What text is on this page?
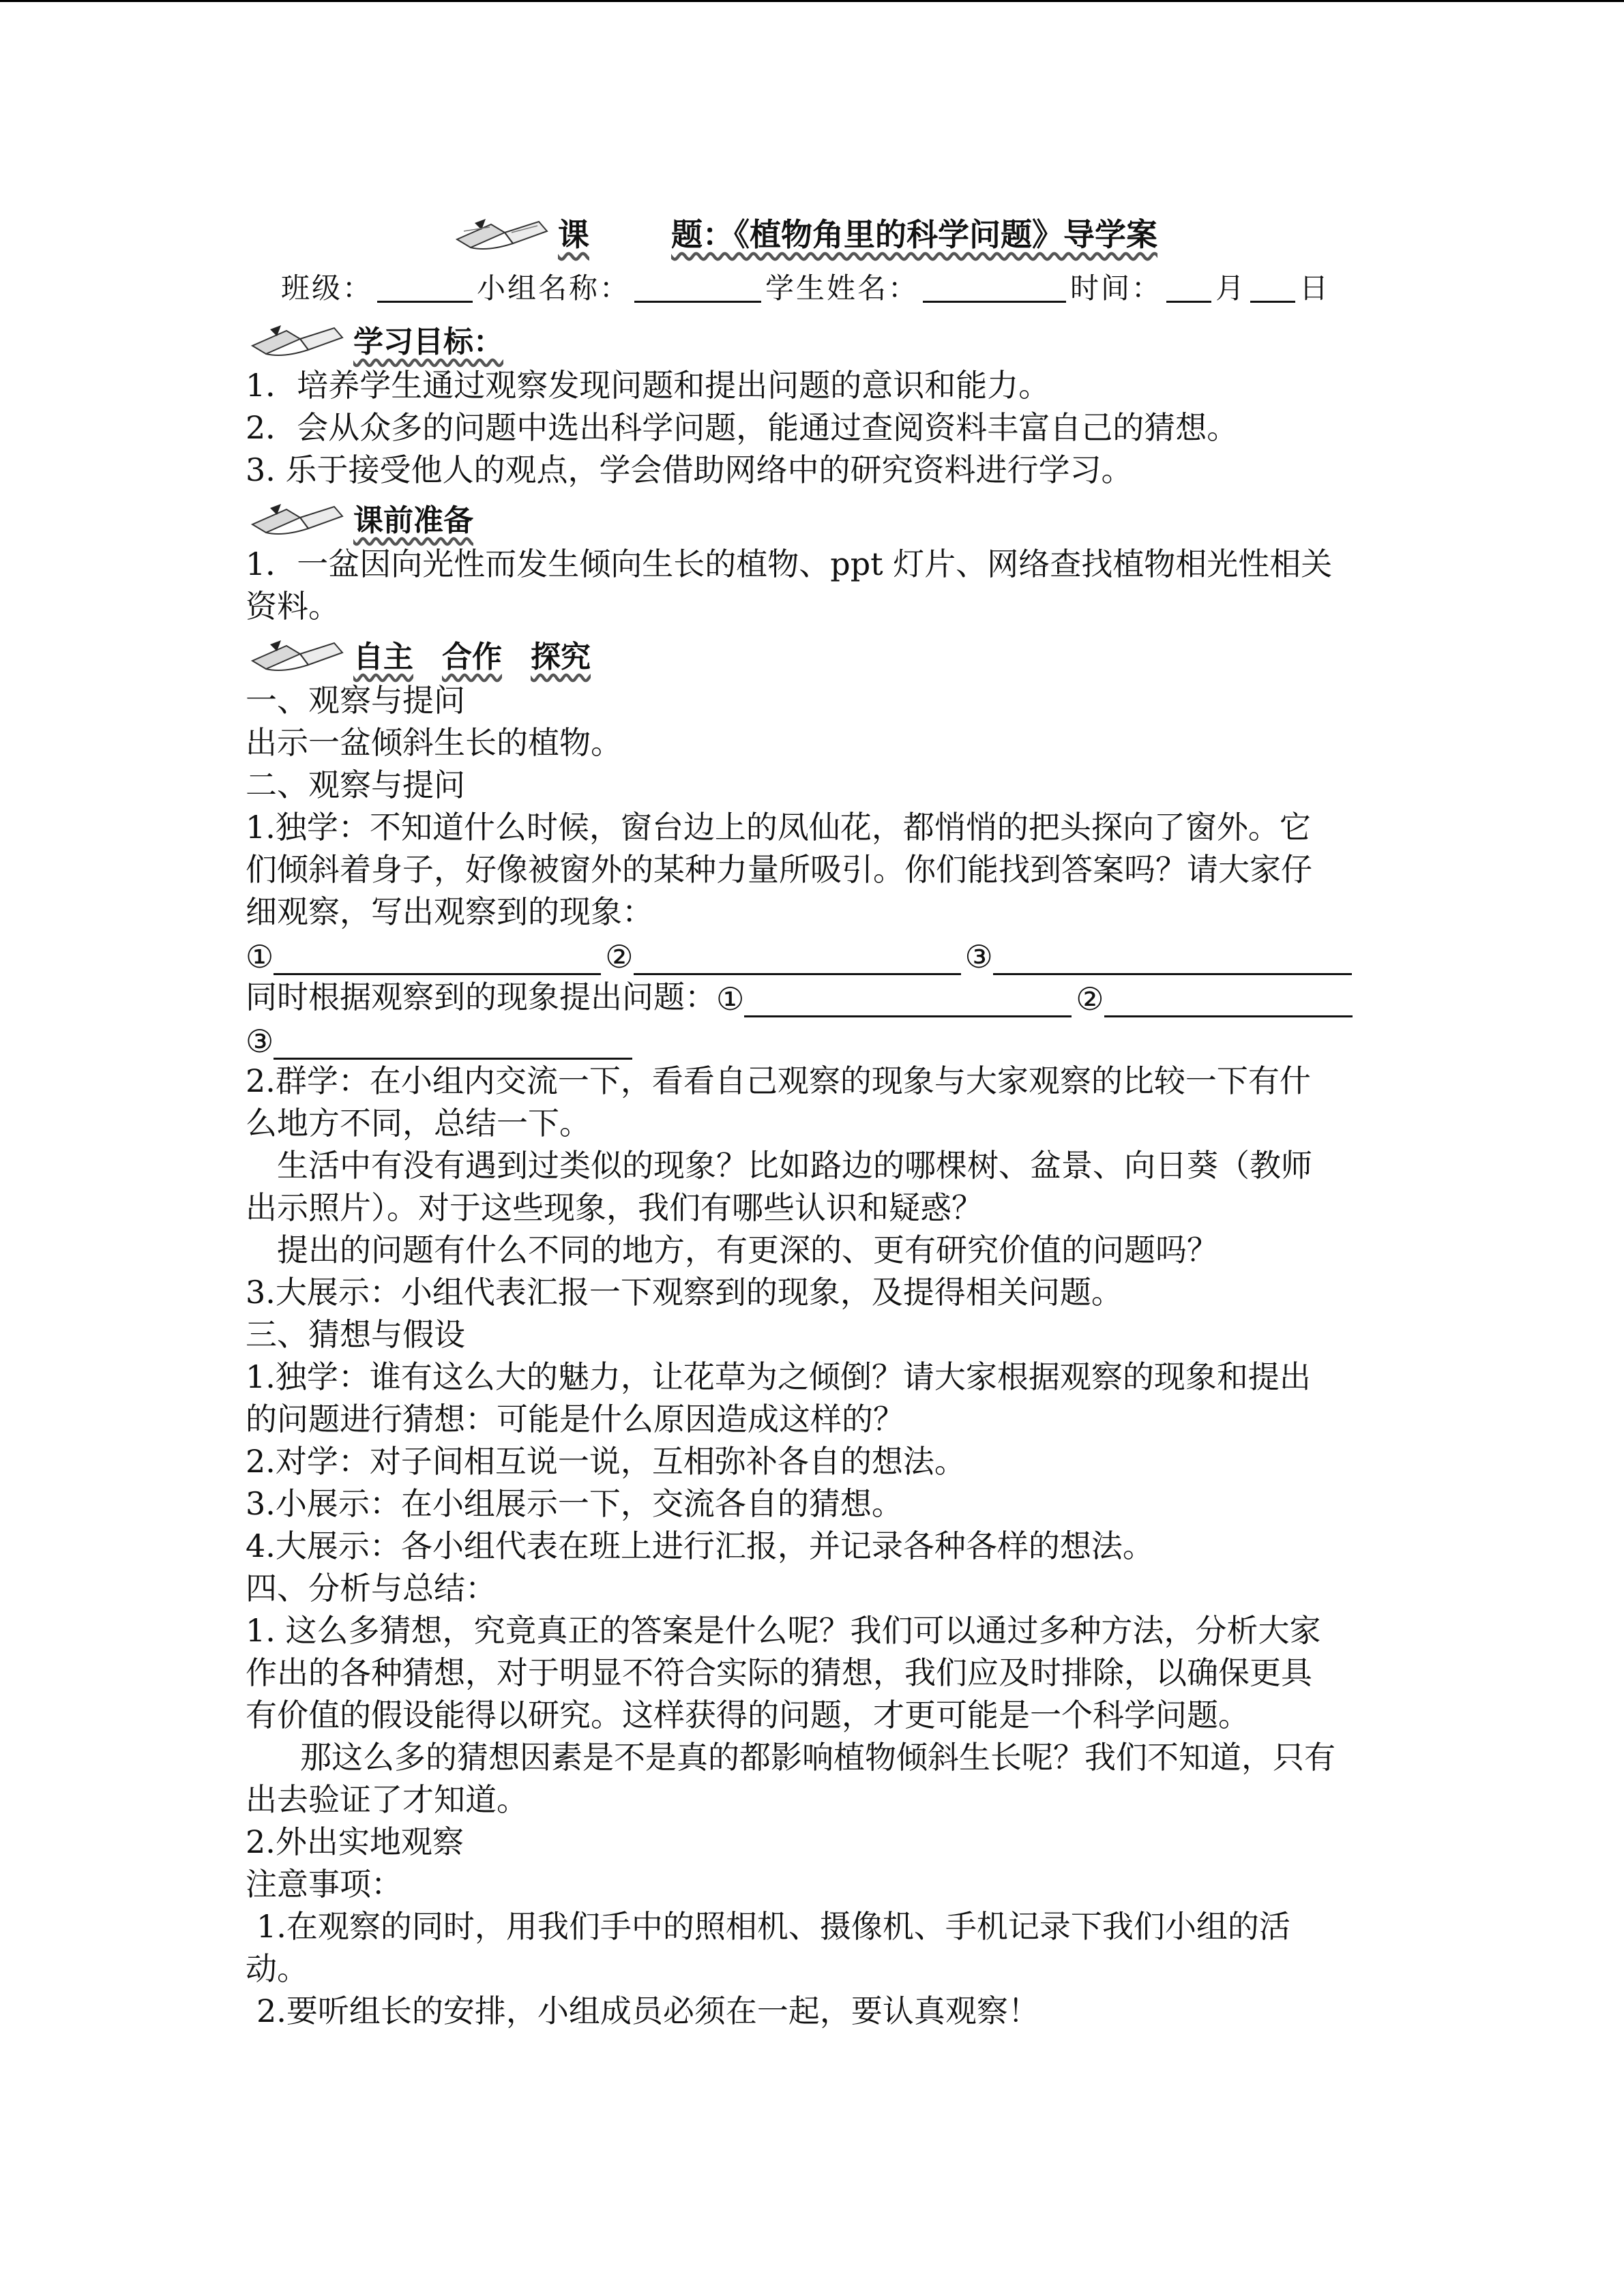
课	题：《植物角里的科学问题》导学案
班级：	小组名称：	学生姓名：	时间： 月 日
学习目标：
1．培养学生通过观察发现问题和提出问题的意识和能力。
2．会从众多的问题中选出科学问题，能通过查阅资料丰富自己的猜想。
3. 乐于接受他人的观点，学会借助网络中的研究资料进行学习。
课前准备
1．一盆因向光性而发生倾向生长的植物、ppt 灯片、网络查找植物相光性相关
资料。
自主 合作 探究
一、观察与提问
出示一盆倾斜生长的植物。
二、观察与提问
1.独学：不知道什么时候，窗台边上的凤仙花，都悄悄的把头探向了窗外。它
们倾斜着身子，好像被窗外的某种力量所吸引。你们能找到答案吗？请大家仔
细观察，写出观察到的现象：
①	②	③
同时根据观察到的现象提出问题： ①	②
③
2.群学：在小组内交流一下，看看自己观察的现象与大家观察的比较一下有什
么地方不同，总结一下。
生活中有没有遇到过类似的现象？比如路边的哪棵树、盆景、向日葵（教师
出示照片）。对于这些现象，我们有哪些认识和疑惑？
提出的问题有什么不同的地方，有更深的、更有研究价值的问题吗？
3.大展示：小组代表汇报一下观察到的现象，及提得相关问题。
三、猜想与假设
1.独学：谁有这么大的魅力，让花草为之倾倒？请大家根据观察的现象和提出
的问题进行猜想：可能是什么原因造成这样的？
2.对学：对子间相互说一说，互相弥补各自的想法。
3.小展示：在小组展示一下，交流各自的猜想。
4.大展示：各小组代表在班上进行汇报，并记录各种各样的想法。
四、分析与总结：
1. 这么多猜想，究竟真正的答案是什么呢？我们可以通过多种方法，分析大家
作出的各种猜想，对于明显不符合实际的猜想，我们应及时排除，以确保更具
有价值的假设能得以研究。这样获得的问题，才更可能是一个科学问题。
那这么多的猜想因素是不是真的都影响植物倾斜生长呢？我们不知道，只有
出去验证了才知道。
2.外出实地观察
注意事项：
1.在观察的同时，用我们手中的照相机、摄像机、手机记录下我们小组的活
动。
2.要听组长的安排，小组成员必须在一起，要认真观察！
